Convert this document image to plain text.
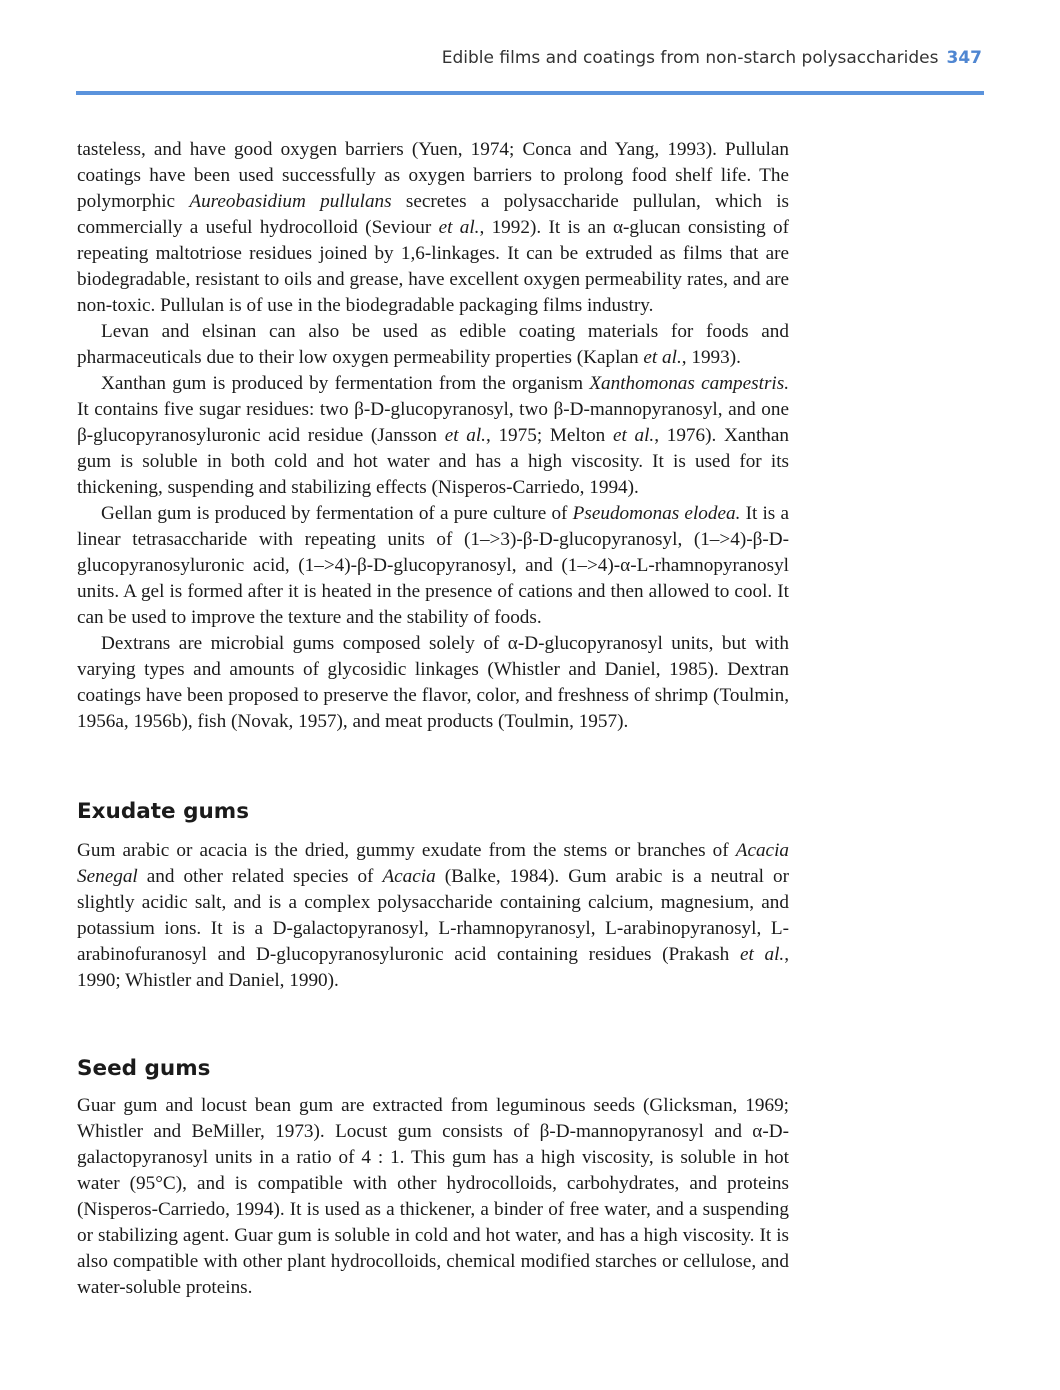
Edible films and coatings from non-starch polysaccharides 347

tasteless, and have good oxygen barriers (Yuen, 1974; Conca and Yang, 1993). Pullulan coatings have been used successfully as oxygen barriers to prolong food shelf life. The polymorphic Aureobasidium pullulans secretes a polysaccharide pullulan, which is commercially a useful hydrocolloid (Seviour et al., 1992). It is an α-glucan consisting of repeating maltotriose residues joined by 1,6-linkages. It can be extruded as films that are biodegradable, resistant to oils and grease, have excellent oxygen permeability rates, and are non-toxic. Pullulan is of use in the biodegradable packaging films industry.

Levan and elsinan can also be used as edible coating materials for foods and pharmaceuticals due to their low oxygen permeability properties (Kaplan et al., 1993).

Xanthan gum is produced by fermentation from the organism Xanthomonas campestris. It contains five sugar residues: two β-D-glucopyranosyl, two β-D-mannopyranosyl, and one β-glucopyranosyluronic acid residue (Jansson et al., 1975; Melton et al., 1976). Xanthan gum is soluble in both cold and hot water and has a high viscosity. It is used for its thickening, suspending and stabilizing effects (Nisperos-Carriedo, 1994).

Gellan gum is produced by fermentation of a pure culture of Pseudomonas elodea. It is a linear tetrasaccharide with repeating units of (1–>3)-β-D-glucopyranosyl, (1–>4)-β-D-glucopyranosyluronic acid, (1–>4)-β-D-glucopyranosyl, and (1–>4)-α-L-rhamnopyranosyl units. A gel is formed after it is heated in the presence of cations and then allowed to cool. It can be used to improve the texture and the stability of foods.

Dextrans are microbial gums composed solely of α-D-glucopyranosyl units, but with varying types and amounts of glycosidic linkages (Whistler and Daniel, 1985). Dextran coatings have been proposed to preserve the flavor, color, and freshness of shrimp (Toulmin, 1956a, 1956b), fish (Novak, 1957), and meat products (Toulmin, 1957).

Exudate gums

Gum arabic or acacia is the dried, gummy exudate from the stems or branches of Acacia Senegal and other related species of Acacia (Balke, 1984). Gum arabic is a neutral or slightly acidic salt, and is a complex polysaccharide containing calcium, magnesium, and potassium ions. It is a D-galactopyranosyl, L-rhamnopyranosyl, L-arabinopyranosyl, L-arabinofuranosyl and D-glucopyranosyluronic acid containing residues (Prakash et al., 1990; Whistler and Daniel, 1990).

Seed gums

Guar gum and locust bean gum are extracted from leguminous seeds (Glicksman, 1969; Whistler and BeMiller, 1973). Locust gum consists of β-D-mannopyranosyl and α-D-galactopyranosyl units in a ratio of 4 : 1. This gum has a high viscosity, is soluble in hot water (95°C), and is compatible with other hydrocolloids, carbohydrates, and proteins (Nisperos-Carriedo, 1994). It is used as a thickener, a binder of free water, and a suspending or stabilizing agent. Guar gum is soluble in cold and hot water, and has a high viscosity. It is also compatible with other plant hydrocolloids, chemical modified starches or cellulose, and water-soluble proteins.
